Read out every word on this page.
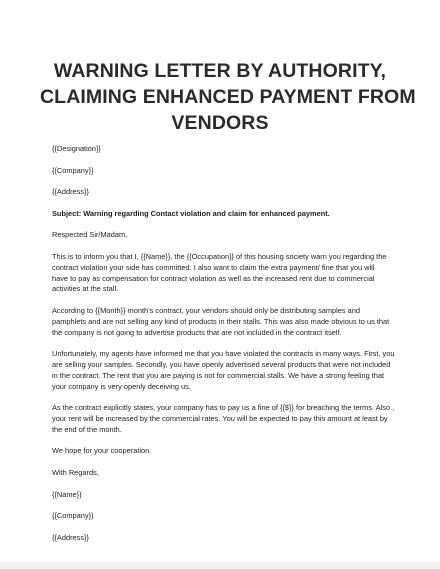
WARNING LETTER BY AUTHORITY,
CLAIMING ENHANCED PAYMENT FROM
VENDORS
{{Designation}}
{{Company}}
{{Address}}
Subject: Warning regarding Contact violation and claim for enhanced payment.
Respected Sir/Madam,
This is to inform you that I, {{Name}}, the {{Occupation}} of this housing society warn you regarding the
contract violation your side has committed. I also want to claim the extra payment/ fine that you will
have to pay as compensation for contract violation as well as the increased rent due to commercial
activities at the stall.
According to {{Month}} month’s contract, your vendors should only be distributing samples and
pamphlets and are not selling any kind of products in their stalls. This was also made obvious to us that
the company is not going to advertise products that are not included in the contract itself.
Unfortunately, my agents have informed me that you have violated the contracts in many ways. First, you
are selling your samples. Secondly, you have openly advertised several products that were not included
in the contract. The rent that you are paying is not for commercial stalls. We have a strong feeling that
your company is very openly deceiving us.
As the contract explicitly states, your company has to pay us a fine of {{$}} for breaching the terms. Also ,
your rent will be increased by the commercial rates. You will be expected to pay this amount at least by
the end of the month.
We hope for your cooperation.
With Regards,
{{Name}}
{{Company}}
{{Address}}
